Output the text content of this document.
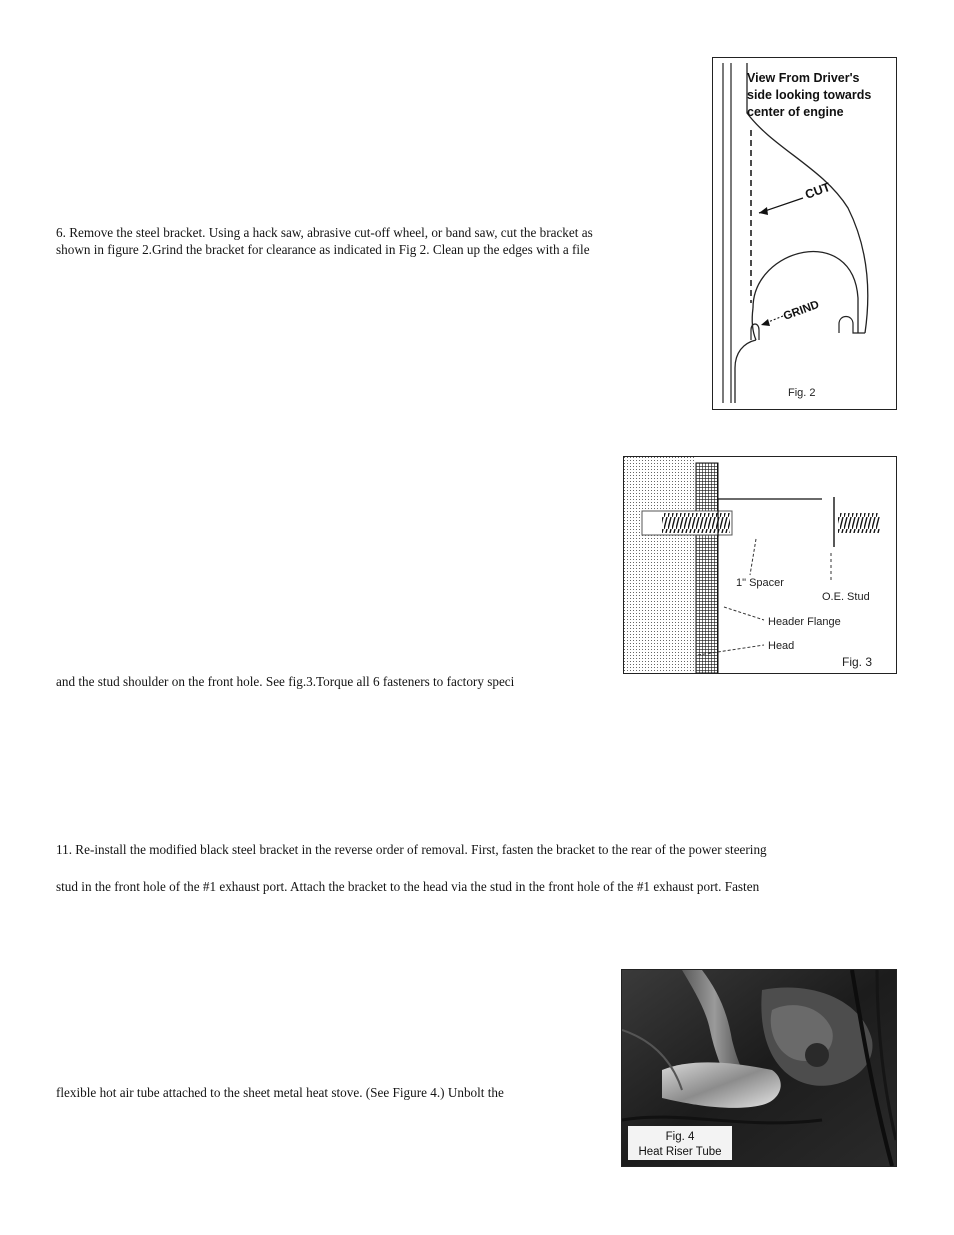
6. Remove the steel bracket. Using a hack saw, abrasive cut-off wheel, or band saw, cut the bracket as

shown in figure 2.Grind the bracket for clearance as indicated in Fig 2. Clean up the edges with a file

and the stud shoulder on the front hole. See fig.3.Torque all 6 fasteners to factory speci

11. Re-install the modified black steel bracket in the reverse order of removal. First, fasten the bracket to the rear of the power steering

stud in the front hole of the #1 exhaust port. Attach the bracket to the head via the stud in the front hole of the #1 exhaust port. Fasten

flexible hot air tube attached to the sheet metal heat stove. (See Figure 4.) Unbolt the

View From Driver's
side looking towards
center of engine
CUT
GRIND
Fig. 2
1" Spacer
O.E. Stud
Header Flange
Head
Fig. 3
Fig. 4
Heat Riser Tube
